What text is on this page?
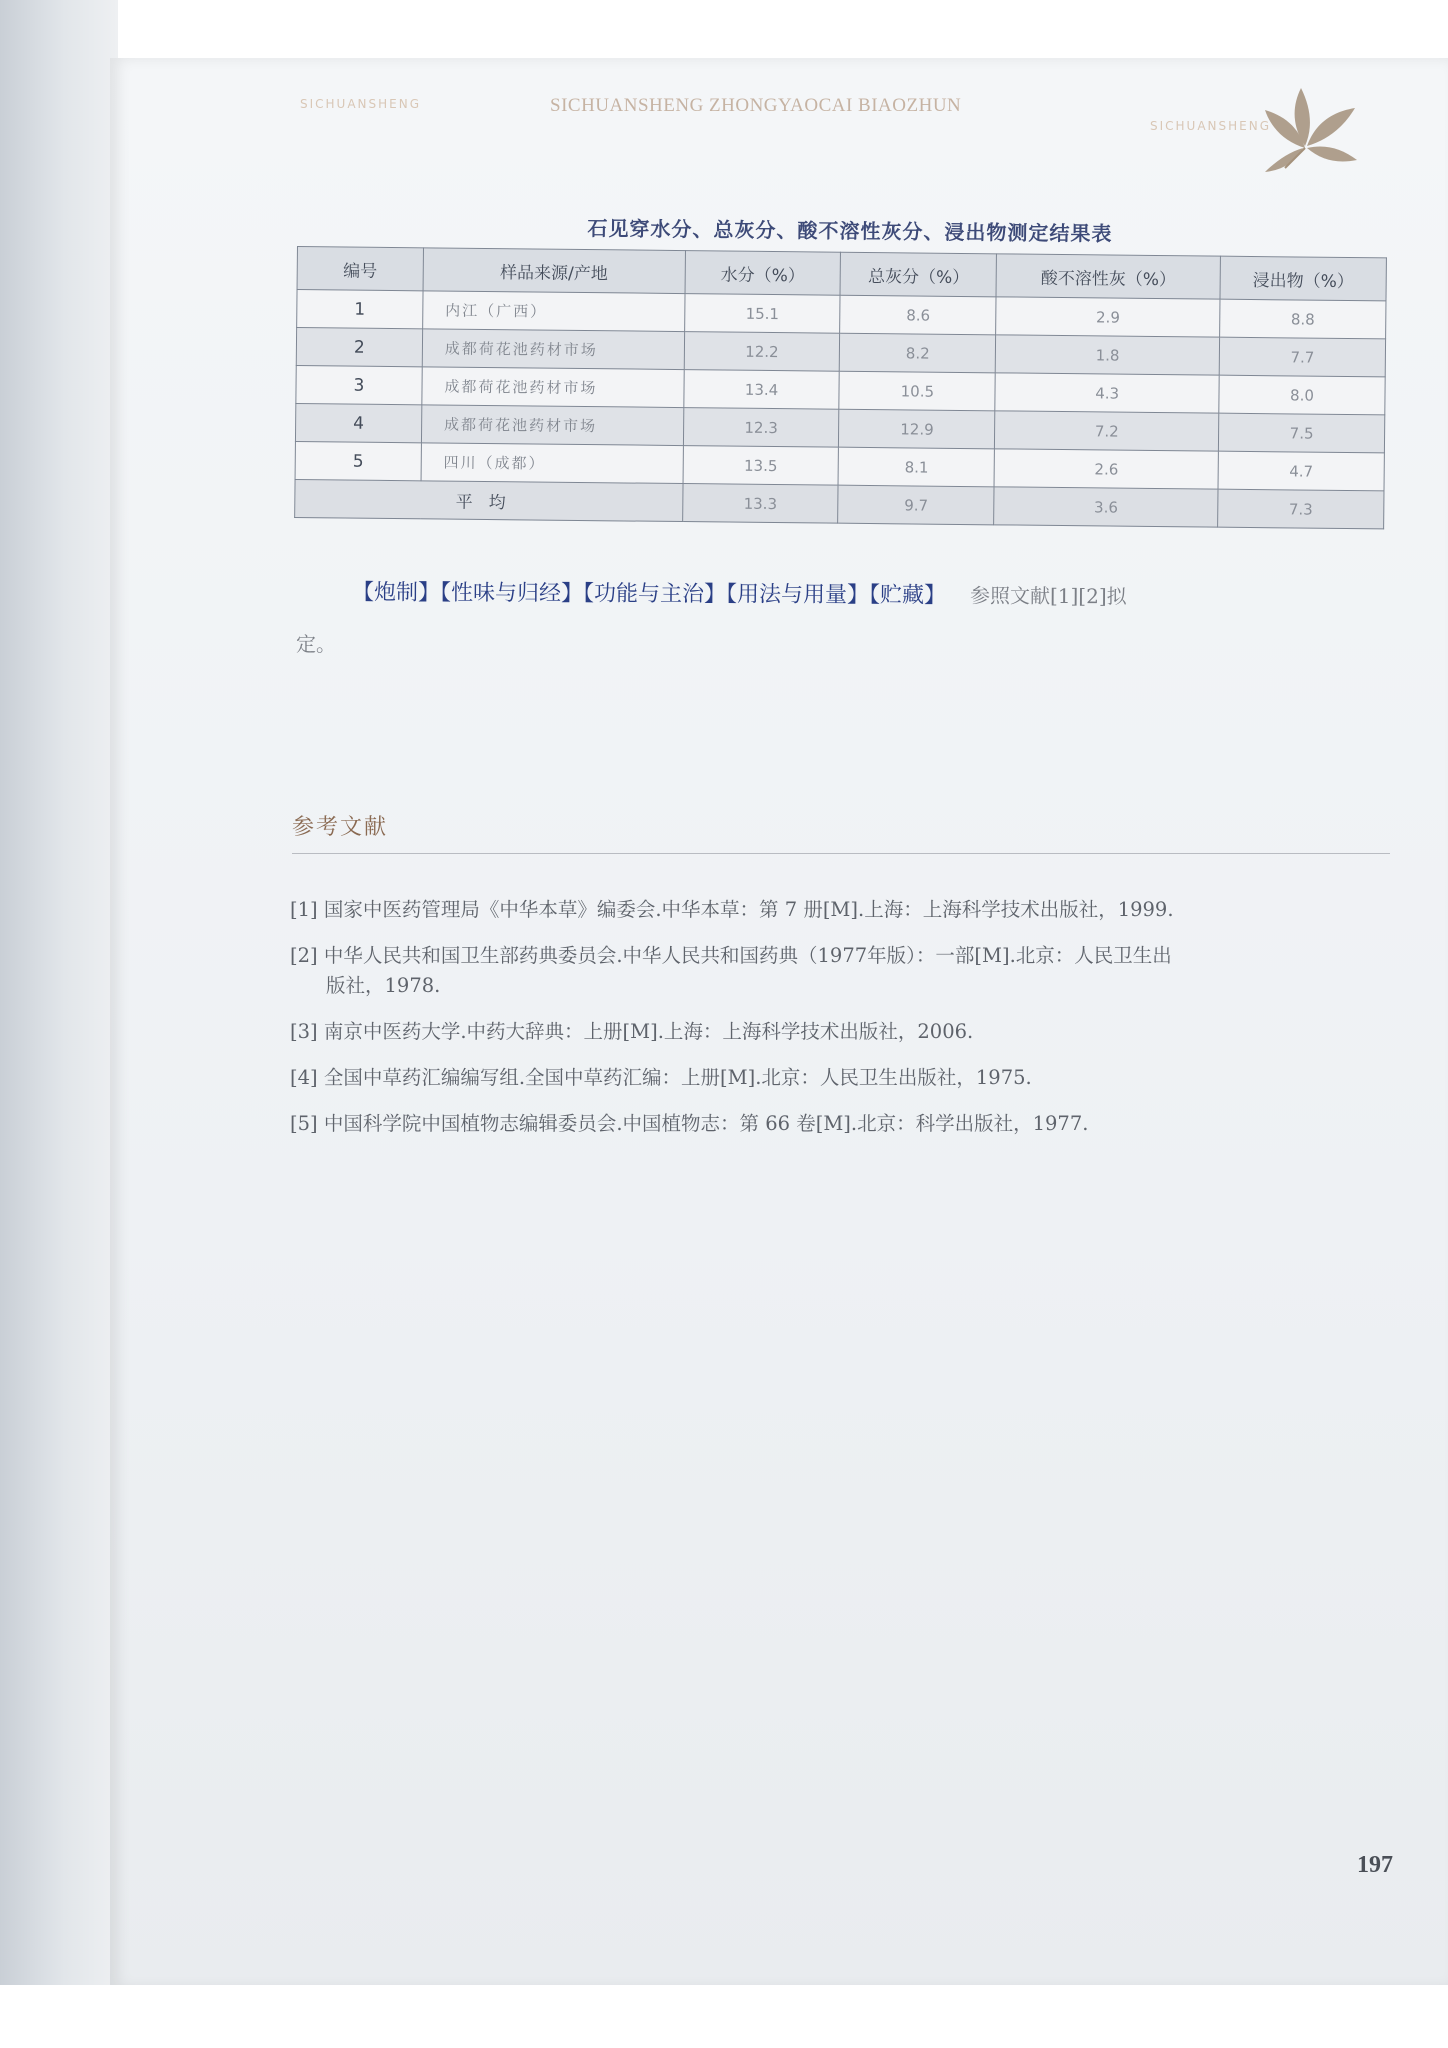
SICHUANSHENG	SICHUANSHENG ZHONGYAOCAI BIAOZHUN
SICHUANSHENG
石见穿水分、总灰分、酸不溶性灰分、浸出物测定结果表
编号	样品来源/产地	水分（%）	总灰分（%）	酸不溶性灰（%）	浸出物（%）
1	内江（广西）	15.1	8.6	2.9	8.8
2	成都荷花池药材市场	12.2	8.2	1.8	7.7
3	成都荷花池药材市场	13.4	10.5	4.3	8.0
4	成都荷花池药材市场	12.3	12.9	7.2	7.5
5	四川（成都）	13.5	8.1	2.6	4.7
平均		13.3	9.7	3.6	7.3
【炮制】【性味与归经】【功能与主治】【用法与用量】【贮藏】 参照文献[1][2]拟
定。
参考文献
[1] 国家中医药管理局《中华本草》编委会.中华本草：第 7 册[M].上海：上海科学技术出版社，1999.
[2] 中华人民共和国卫生部药典委员会.中华人民共和国药典（1977年版）：一部[M].北京：人民卫生出
版社，1978.
[3] 南京中医药大学.中药大辞典：上册[M].上海：上海科学技术出版社，2006.
[4] 全国中草药汇编编写组.全国中草药汇编：上册[M].北京：人民卫生出版社，1975.
[5] 中国科学院中国植物志编辑委员会.中国植物志：第 66 卷[M].北京：科学出版社，1977.
197
